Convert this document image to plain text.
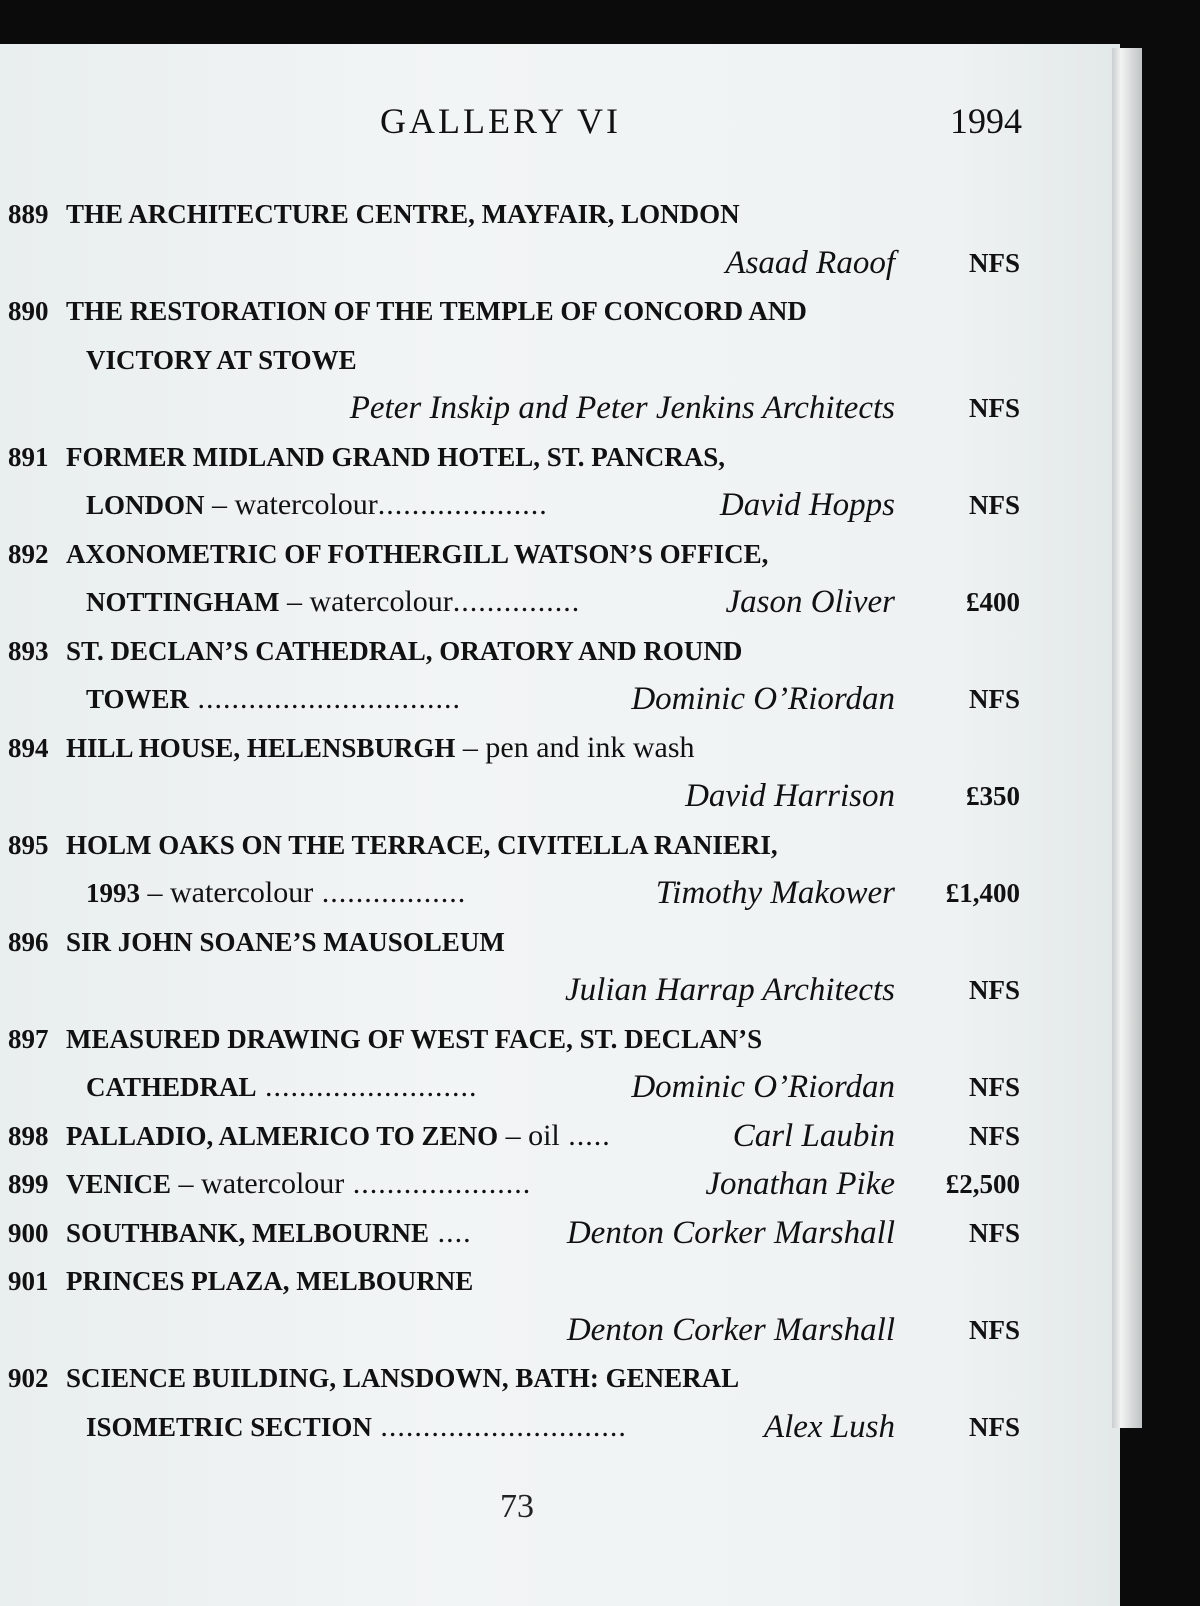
GALLERY VI	1994
889 THE ARCHITECTURE CENTRE, MAYFAIR, LONDON
Asaad Raoof	NFS
890 THE RESTORATION OF THE TEMPLE OF CONCORD AND
VICTORY AT STOWE
Peter Inskip and Peter Jenkins Architects	NFS
891 FORMER MIDLAND GRAND HOTEL, ST. PANCRAS,
LONDON – watercolour....................	David Hopps	NFS
892 AXONOMETRIC OF FOTHERGILL WATSON’S OFFICE,
NOTTINGHAM – watercolour...............	Jason Oliver	£400
893 ST. DECLAN’S CATHEDRAL, ORATORY AND ROUND
TOWER ...............................	Dominic O’Riordan	NFS
894 HILL HOUSE, HELENSBURGH – pen and ink wash
David Harrison	£350
895 HOLM OAKS ON THE TERRACE, CIVITELLA RANIERI,
1993 – watercolour .................	Timothy Makower £1,400
896 SIR JOHN SOANE’S MAUSOLEUM
Julian Harrap Architects	NFS
897 MEASURED DRAWING OF WEST FACE, ST. DECLAN’S
CATHEDRAL .........................	Dominic O’Riordan	NFS
898 PALLADIO, ALMERICO TO ZENO – oil .....	Carl Laubin	NFS
899 VENICE – watercolour .....................	Jonathan Pike £2,500
900 SOUTHBANK, MELBOURNE ....	Denton Corker Marshall	NFS
901 PRINCES PLAZA, MELBOURNE
Denton Corker Marshall	NFS
902 SCIENCE BUILDING, LANSDOWN, BATH: GENERAL
ISOMETRIC SECTION .............................	Alex Lush	NFS
73
